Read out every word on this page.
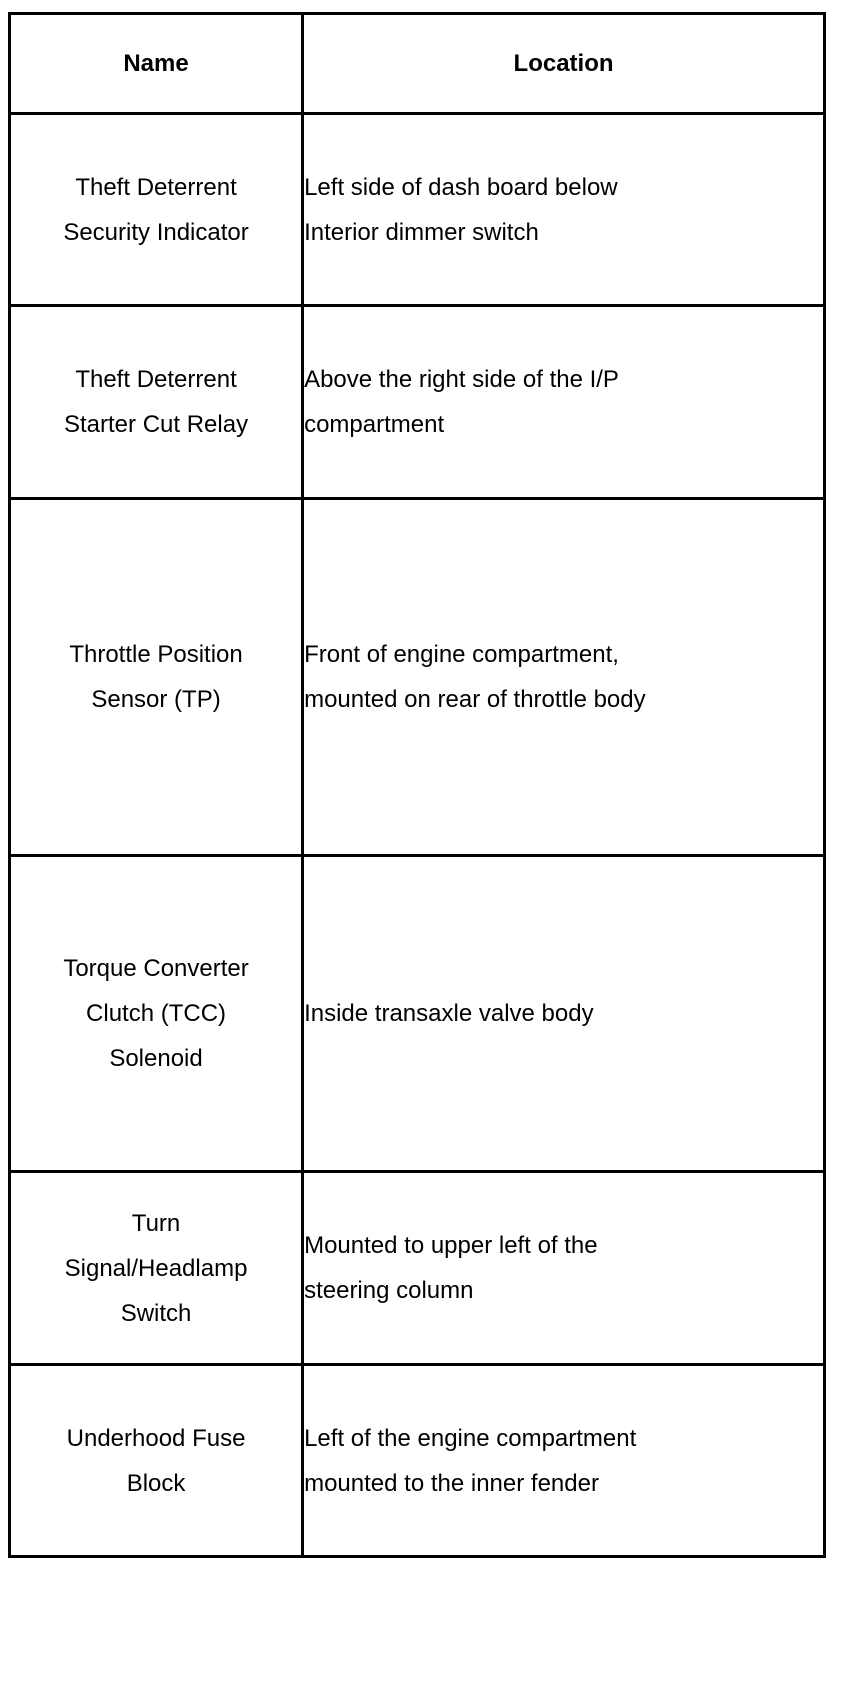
Name	Location

Theft Deterrent
Security Indicator	Left side of dash board below
Interior dimmer switch

Theft Deterrent
Starter Cut Relay	Above the right side of the I/P
compartment

Throttle Position
Sensor (TP)	Front of engine compartment,
mounted on rear of throttle body

Torque Converter
Clutch (TCC)
Solenoid	Inside transaxle valve body

Turn
Signal/Headlamp
Switch	Mounted to upper left of the
steering column

Underhood Fuse
Block	Left of the engine compartment
mounted to the inner fender
